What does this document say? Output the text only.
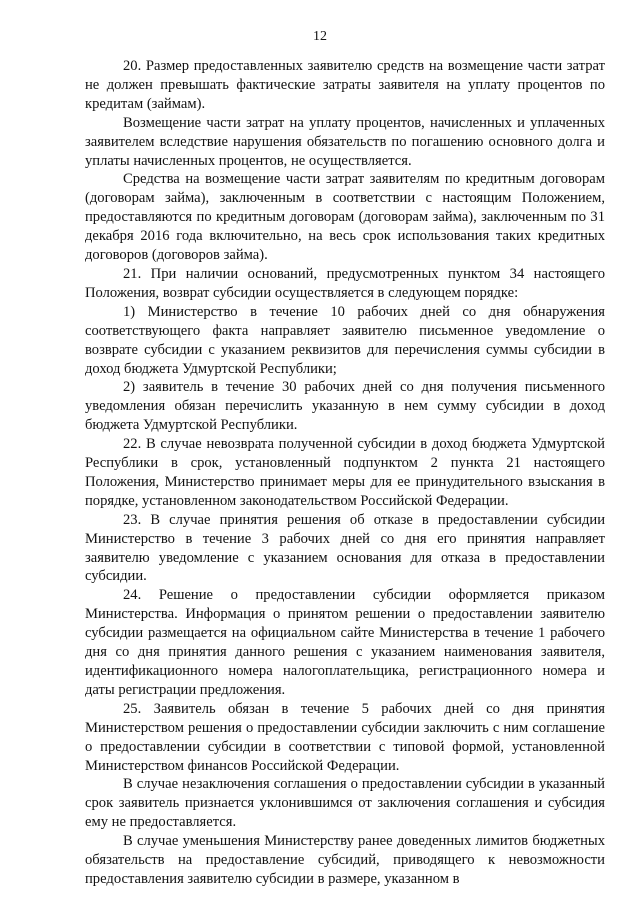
12

20. Размер предоставленных заявителю средств на возмещение части затрат не должен превышать фактические затраты заявителя на уплату процентов по кредитам (займам).

Возмещение части затрат на уплату процентов, начисленных и уплаченных заявителем вследствие нарушения обязательств по погашению основного долга и уплаты начисленных процентов, не осуществляется.

Средства на возмещение части затрат заявителям по кредитным договорам (договорам займа), заключенным в соответствии с настоящим Положением, предоставляются по кредитным договорам (договорам займа), заключенным по 31 декабря 2016 года включительно, на весь срок использования таких кредитных договоров (договоров займа).

21. При наличии оснований, предусмотренных пунктом 34 настоящего Положения, возврат субсидии осуществляется в следующем порядке:

1) Министерство в течение 10 рабочих дней со дня обнаружения соответствующего факта направляет заявителю письменное уведомление о возврате субсидии с указанием реквизитов для перечисления суммы субсидии в доход бюджета Удмуртской Республики;

2) заявитель в течение 30 рабочих дней со дня получения письменного уведомления обязан перечислить указанную в нем сумму субсидии в доход бюджета Удмуртской Республики.

22. В случае невозврата полученной субсидии в доход бюджета Удмуртской Республики в срок, установленный подпунктом 2 пункта 21 настоящего Положения, Министерство принимает меры для ее принудительного взыскания в порядке, установленном законодательством Российской Федерации.

23. В случае принятия решения об отказе в предоставлении субсидии Министерство в течение 3 рабочих дней со дня его принятия направляет заявителю уведомление с указанием основания для отказа в предоставлении субсидии.

24. Решение о предоставлении субсидии оформляется приказом Министерства. Информация о принятом решении о предоставлении заявителю субсидии размещается на официальном сайте Министерства в течение 1 рабочего дня со дня принятия данного решения с указанием наименования заявителя, идентификационного номера налогоплательщика, регистрационного номера и даты регистрации предложения.

25. Заявитель обязан в течение 5 рабочих дней со дня принятия Министерством решения о предоставлении субсидии заключить с ним соглашение о предоставлении субсидии в соответствии с типовой формой, установленной Министерством финансов Российской Федерации.

В случае незаключения соглашения о предоставлении субсидии в указанный срок заявитель признается уклонившимся от заключения соглашения и субсидия ему не предоставляется.

В случае уменьшения Министерству ранее доведенных лимитов бюджетных обязательств на предоставление субсидий, приводящего к невозможности предоставления заявителю субсидии в размере, указанном в
